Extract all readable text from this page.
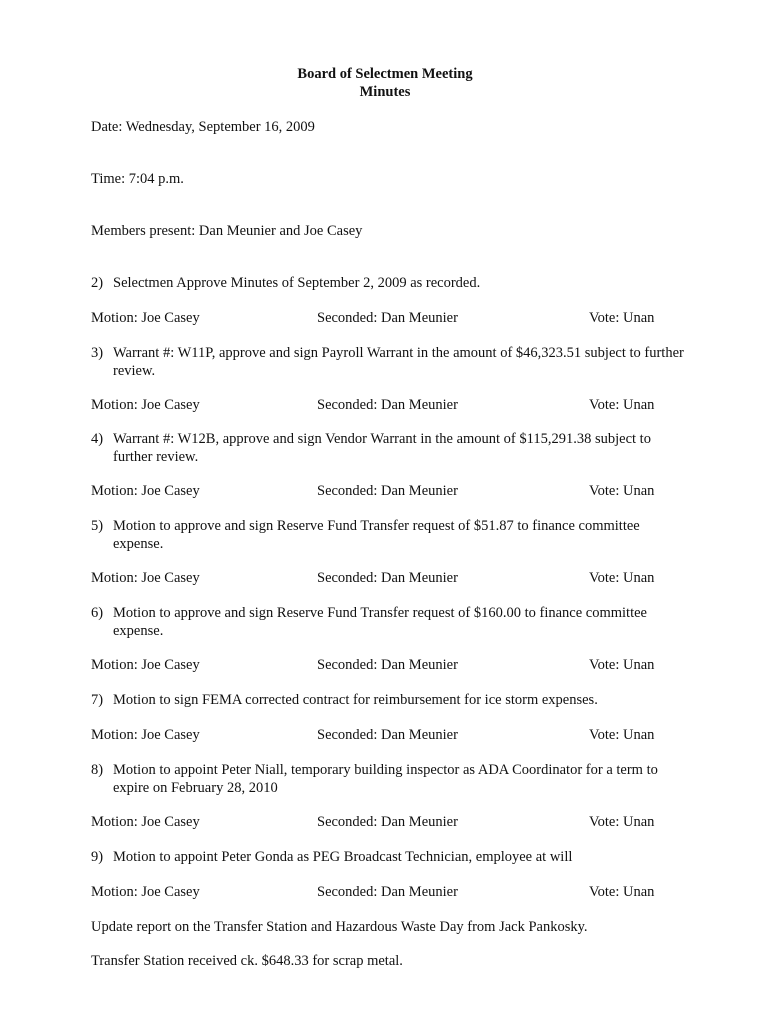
Board of Selectmen Meeting
Minutes
Date: Wednesday, September 16, 2009
Time: 7:04 p.m.
Members present: Dan Meunier and Joe Casey
2) Selectmen Approve Minutes of September 2, 2009 as recorded.
Motion: Joe Casey	Seconded: Dan Meunier	Vote: Unan
3) Warrant #: W11P, approve and sign Payroll Warrant in the amount of $46,323.51 subject to further review.
Motion: Joe Casey	Seconded: Dan Meunier	Vote: Unan
4) Warrant #: W12B, approve and sign Vendor Warrant in the amount of $115,291.38 subject to further review.
Motion: Joe Casey	Seconded: Dan Meunier	Vote: Unan
5) Motion to approve and sign Reserve Fund Transfer request of $51.87 to finance committee expense.
Motion: Joe Casey	Seconded: Dan Meunier	Vote: Unan
6) Motion to approve and sign Reserve Fund Transfer request of $160.00 to finance committee expense.
Motion: Joe Casey	Seconded: Dan Meunier	Vote: Unan
7) Motion to sign FEMA corrected contract for reimbursement for ice storm expenses.
Motion: Joe Casey	Seconded: Dan Meunier	Vote: Unan
8) Motion to appoint Peter Niall, temporary building inspector as ADA Coordinator for a term to expire on February 28, 2010
Motion: Joe Casey	Seconded: Dan Meunier	Vote: Unan
9) Motion to appoint Peter Gonda as PEG Broadcast Technician, employee at will
Motion: Joe Casey	Seconded: Dan Meunier	Vote: Unan
Update report on the Transfer Station and Hazardous Waste Day from Jack Pankosky.
Transfer Station received ck. $648.33 for scrap metal.
